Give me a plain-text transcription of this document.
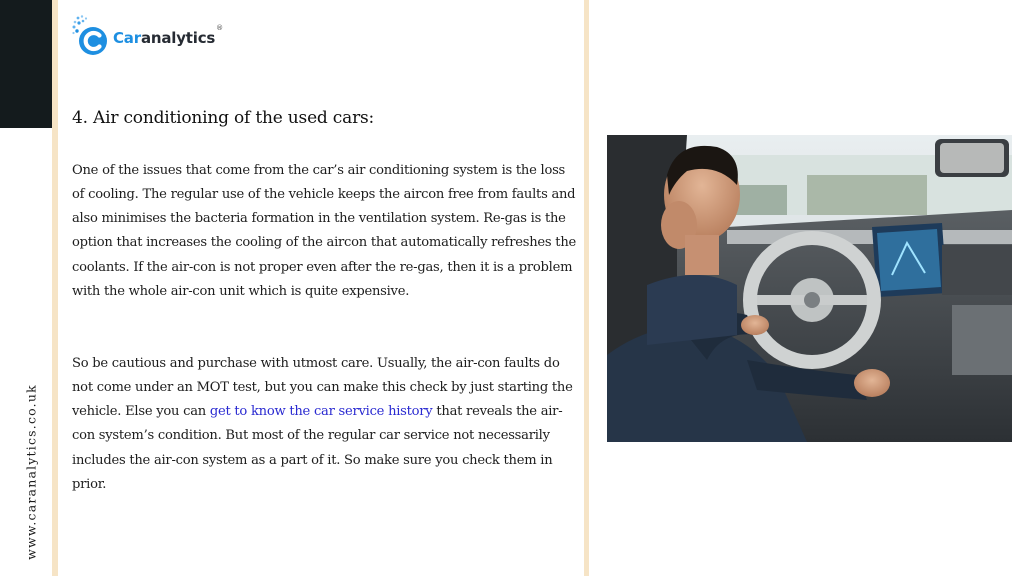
www.caranalytics.co.uk
Caranalytics
®
4. Air conditioning of the used cars:

One of the issues that come from the car’s air conditioning system is the loss of cooling. The regular use of the vehicle keeps the aircon free from faults and also minimises the bacteria formation in the ventilation system. Re-gas is the option that increases the cooling of the aircon that automatically refreshes the coolants. If the air-con is not proper even after the re-gas, then it is a problem with the whole air-con unit which is quite expensive.

So be cautious and purchase with utmost care. Usually, the air-con faults do not come under an MOT test, but you can make this check by just starting the vehicle. Else you can get to know the car service history that reveals the air-con system’s condition. But most of the regular car service not necessarily includes the air-con system as a part of it. So make sure you check them in prior.
